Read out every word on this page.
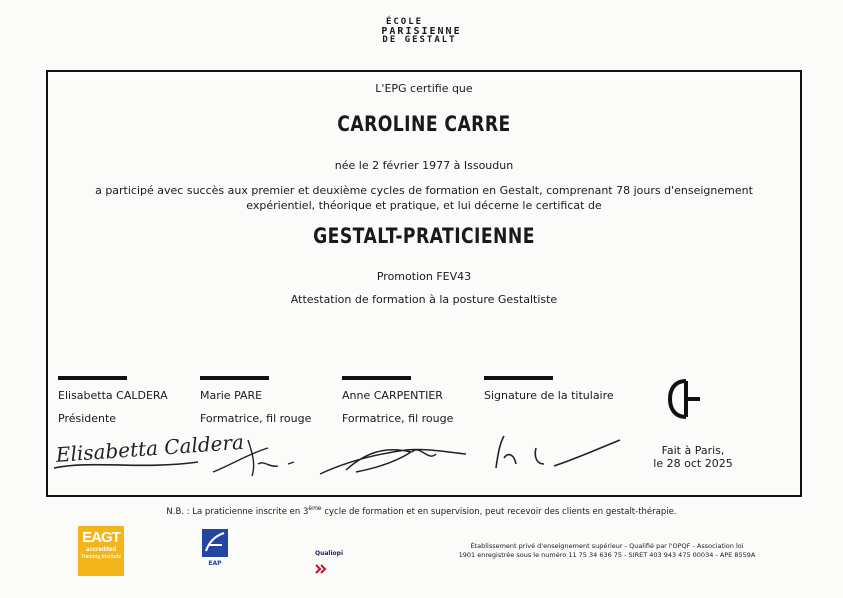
ÉCOLE
PARISIENNE
DE GESTALT
L'EPG certifie que
CAROLINE CARRE
née le 2 février 1977 à Issoudun
a participé avec succès aux premier et deuxième cycles de formation en Gestalt, comprenant 78 jours d'enseignement expérientiel, théorique et pratique, et lui décerne le certificat de
GESTALT-PRATICIENNE
Promotion FEV43
Attestation de formation à la posture Gestaltiste
Elisabetta CALDERA
Présidente
Marie PARE
Formatrice, fil rouge
Anne CARPENTIER
Formatrice, fil rouge
Signature de la titulaire
Elisabetta Caldera	Fait à Paris,
le 28 oct 2025
N.B. : La praticienne inscrite en 3ème cycle de formation et en supervision, peut recevoir des clients en gestalt-thérapie.
EAGT
accredited
Training Institute
EAP
Qualiopi
Établissement privé d'enseignement supérieur - Qualifié par l'OPQF - Association loi
1901 enregistrée sous le numéro 11 75 34 636 75 - SIRET 403 943 475 00034 - APE 8559A
